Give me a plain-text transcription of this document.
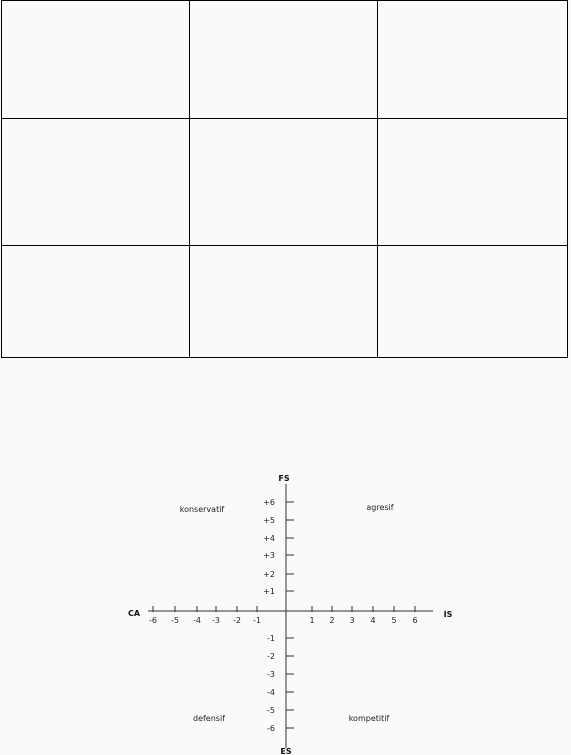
FS
ES
CA	IS
konservatif	agresif
defensif	kompetitif
-6 -5 -4 -3 -2 -1	1 2 3 4 5 6
+1
+2
+3
+4
+5
+6
-1
-2
-3
-4
-5
-6
